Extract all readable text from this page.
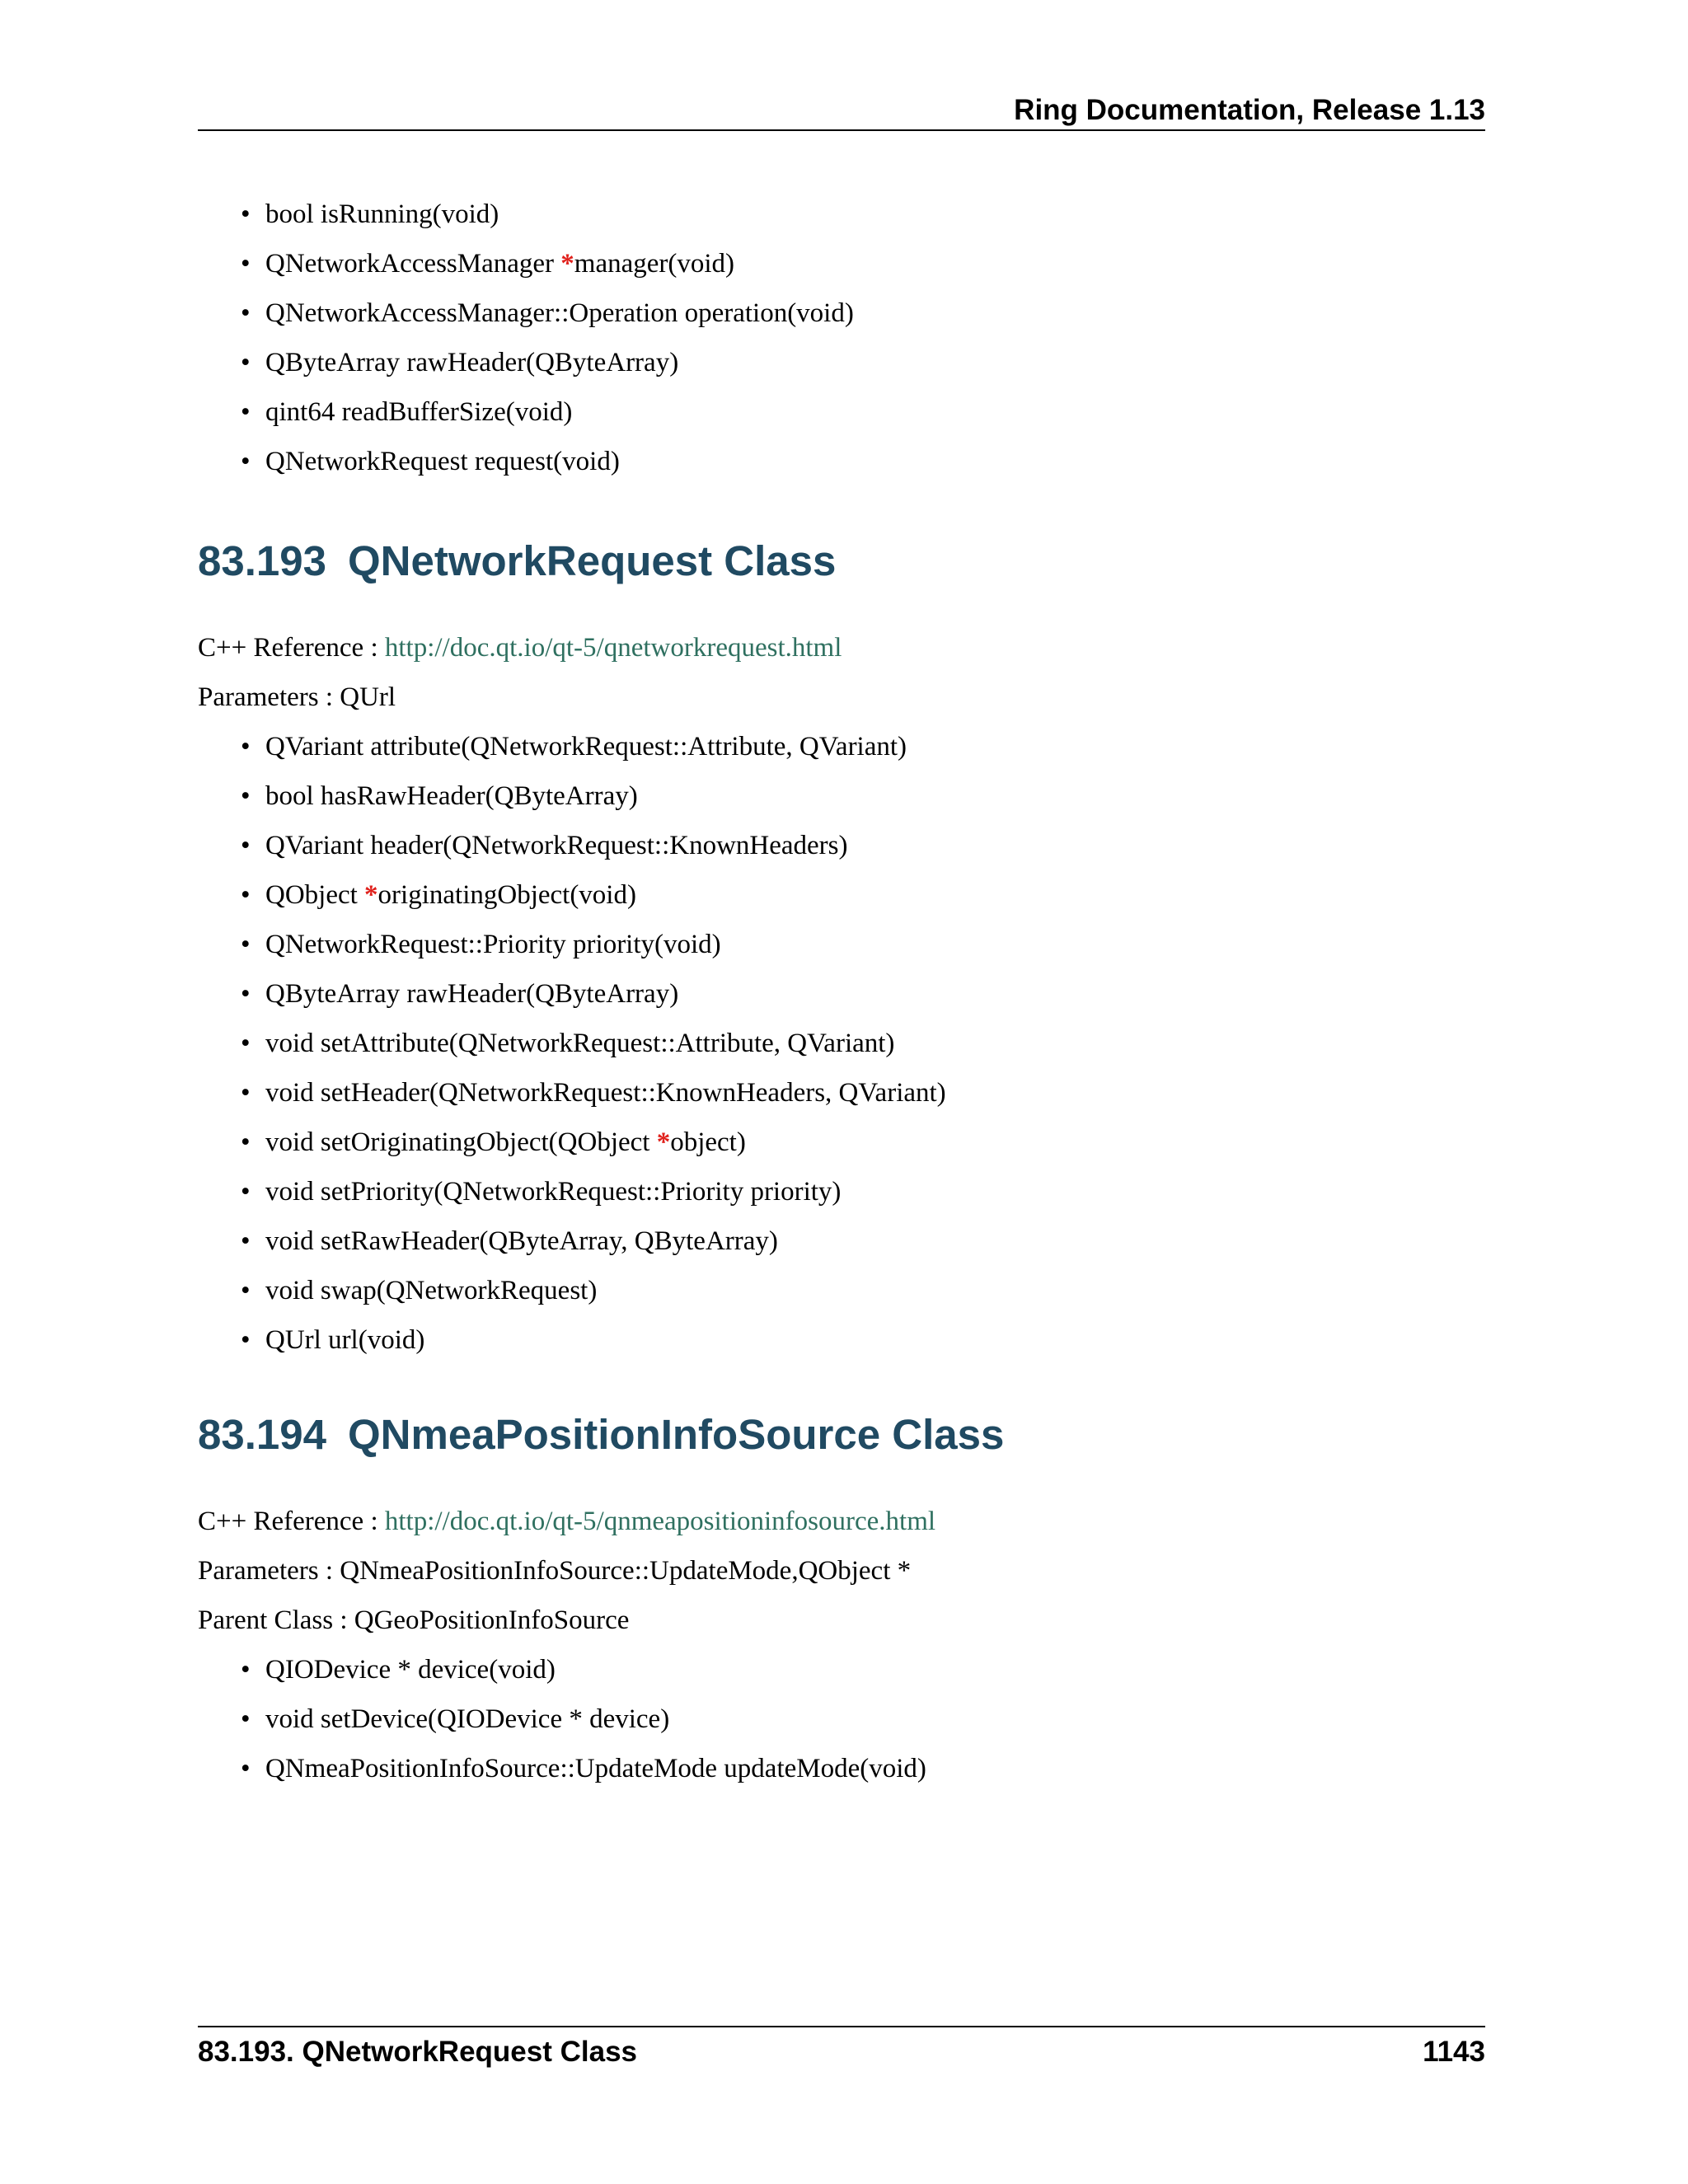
Ring Documentation, Release 1.13
• bool isRunning(void)
• QNetworkAccessManager *manager(void)
• QNetworkAccessManager::Operation operation(void)
• QByteArray rawHeader(QByteArray)
• qint64 readBufferSize(void)
• QNetworkRequest request(void)
83.193 QNetworkRequest Class
C++ Reference : http://doc.qt.io/qt-5/qnetworkrequest.html
Parameters : QUrl
• QVariant attribute(QNetworkRequest::Attribute, QVariant)
• bool hasRawHeader(QByteArray)
• QVariant header(QNetworkRequest::KnownHeaders)
• QObject *originatingObject(void)
• QNetworkRequest::Priority priority(void)
• QByteArray rawHeader(QByteArray)
• void setAttribute(QNetworkRequest::Attribute, QVariant)
• void setHeader(QNetworkRequest::KnownHeaders, QVariant)
• void setOriginatingObject(QObject *object)
• void setPriority(QNetworkRequest::Priority priority)
• void setRawHeader(QByteArray, QByteArray)
• void swap(QNetworkRequest)
• QUrl url(void)
83.194 QNmeaPositionInfoSource Class
C++ Reference : http://doc.qt.io/qt-5/qnmeapositioninfosource.html
Parameters : QNmeaPositionInfoSource::UpdateMode,QObject *
Parent Class : QGeoPositionInfoSource
• QIODevice * device(void)
• void setDevice(QIODevice * device)
• QNmeaPositionInfoSource::UpdateMode updateMode(void)
83.193. QNetworkRequest Class	1143
